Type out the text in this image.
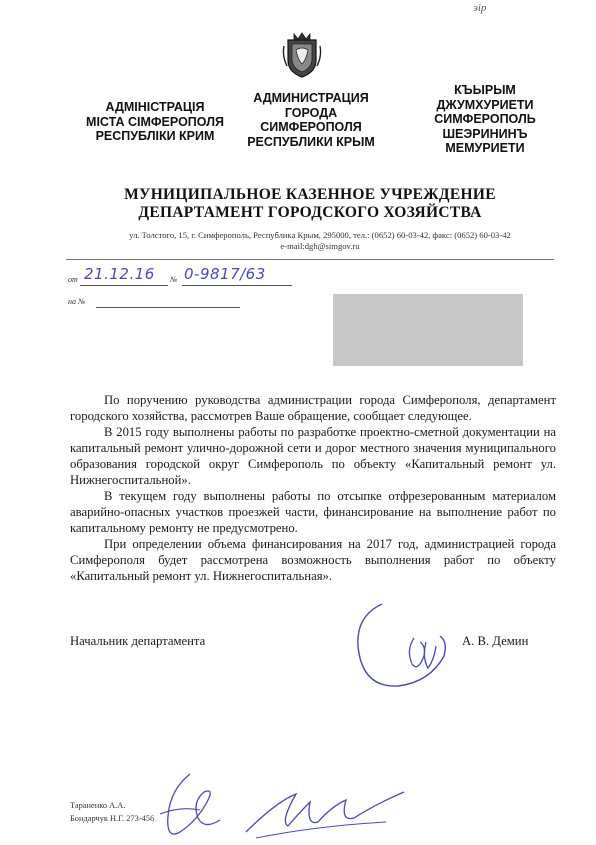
эір
АДМІНІСТРАЦІЯ
МІСТА СІМФЕРОПОЛЯ
РЕСПУБЛІКИ КРИМ
АДМИНИСТРАЦИЯ
ГОРОДА
СИМФЕРОПОЛЯ
РЕСПУБЛИКИ КРЫМ
КЪЫРЫМ
ДЖУМХУРИЕТИ
СИМФЕРОПОЛЬ
ШЕЭРИНИНЪ
МЕМУРИЕТИ
МУНИЦИПАЛЬНОЕ КАЗЕННОЕ УЧРЕЖДЕНИЕ
ДЕПАРТАМЕНТ ГОРОДСКОГО ХОЗЯЙСТВА
ул. Толстого, 15, г. Симферополь, Республика Крым, 295000, тел.: (0652) 60-03-42, факс: (0652) 60-03-42
e-mail:dgh@simgov.ru
от 21.12.16 № 0-9817/63
на №

По поручению руководства администрации города Симферополя, департамент городского хозяйства, рассмотрев Ваше обращение, сообщает следующее.

В 2015 году выполнены работы по разработке проектно-сметной документации на капитальный ремонт улично-дорожной сети и дорог местного значения муниципального образования городской округ Симферополь по объекту «Капитальный ремонт ул. Нижнегоспитальной».

В текущем году выполнены работы по отсыпке отфрезерованным материалом аварийно-опасных участков проезжей части, финансирование на выполнение работ по капитальному ремонту не предусмотрено.

При определении объема финансирования на 2017 год, администрацией города Симферополя будет рассмотрена возможность выполнения работ по объекту «Капитальный ремонт ул. Нижнегоспитальная».

Начальник департамента	А. В. Демин
Тараненко А.А.
Бондарчук Н.Г. 273-456
